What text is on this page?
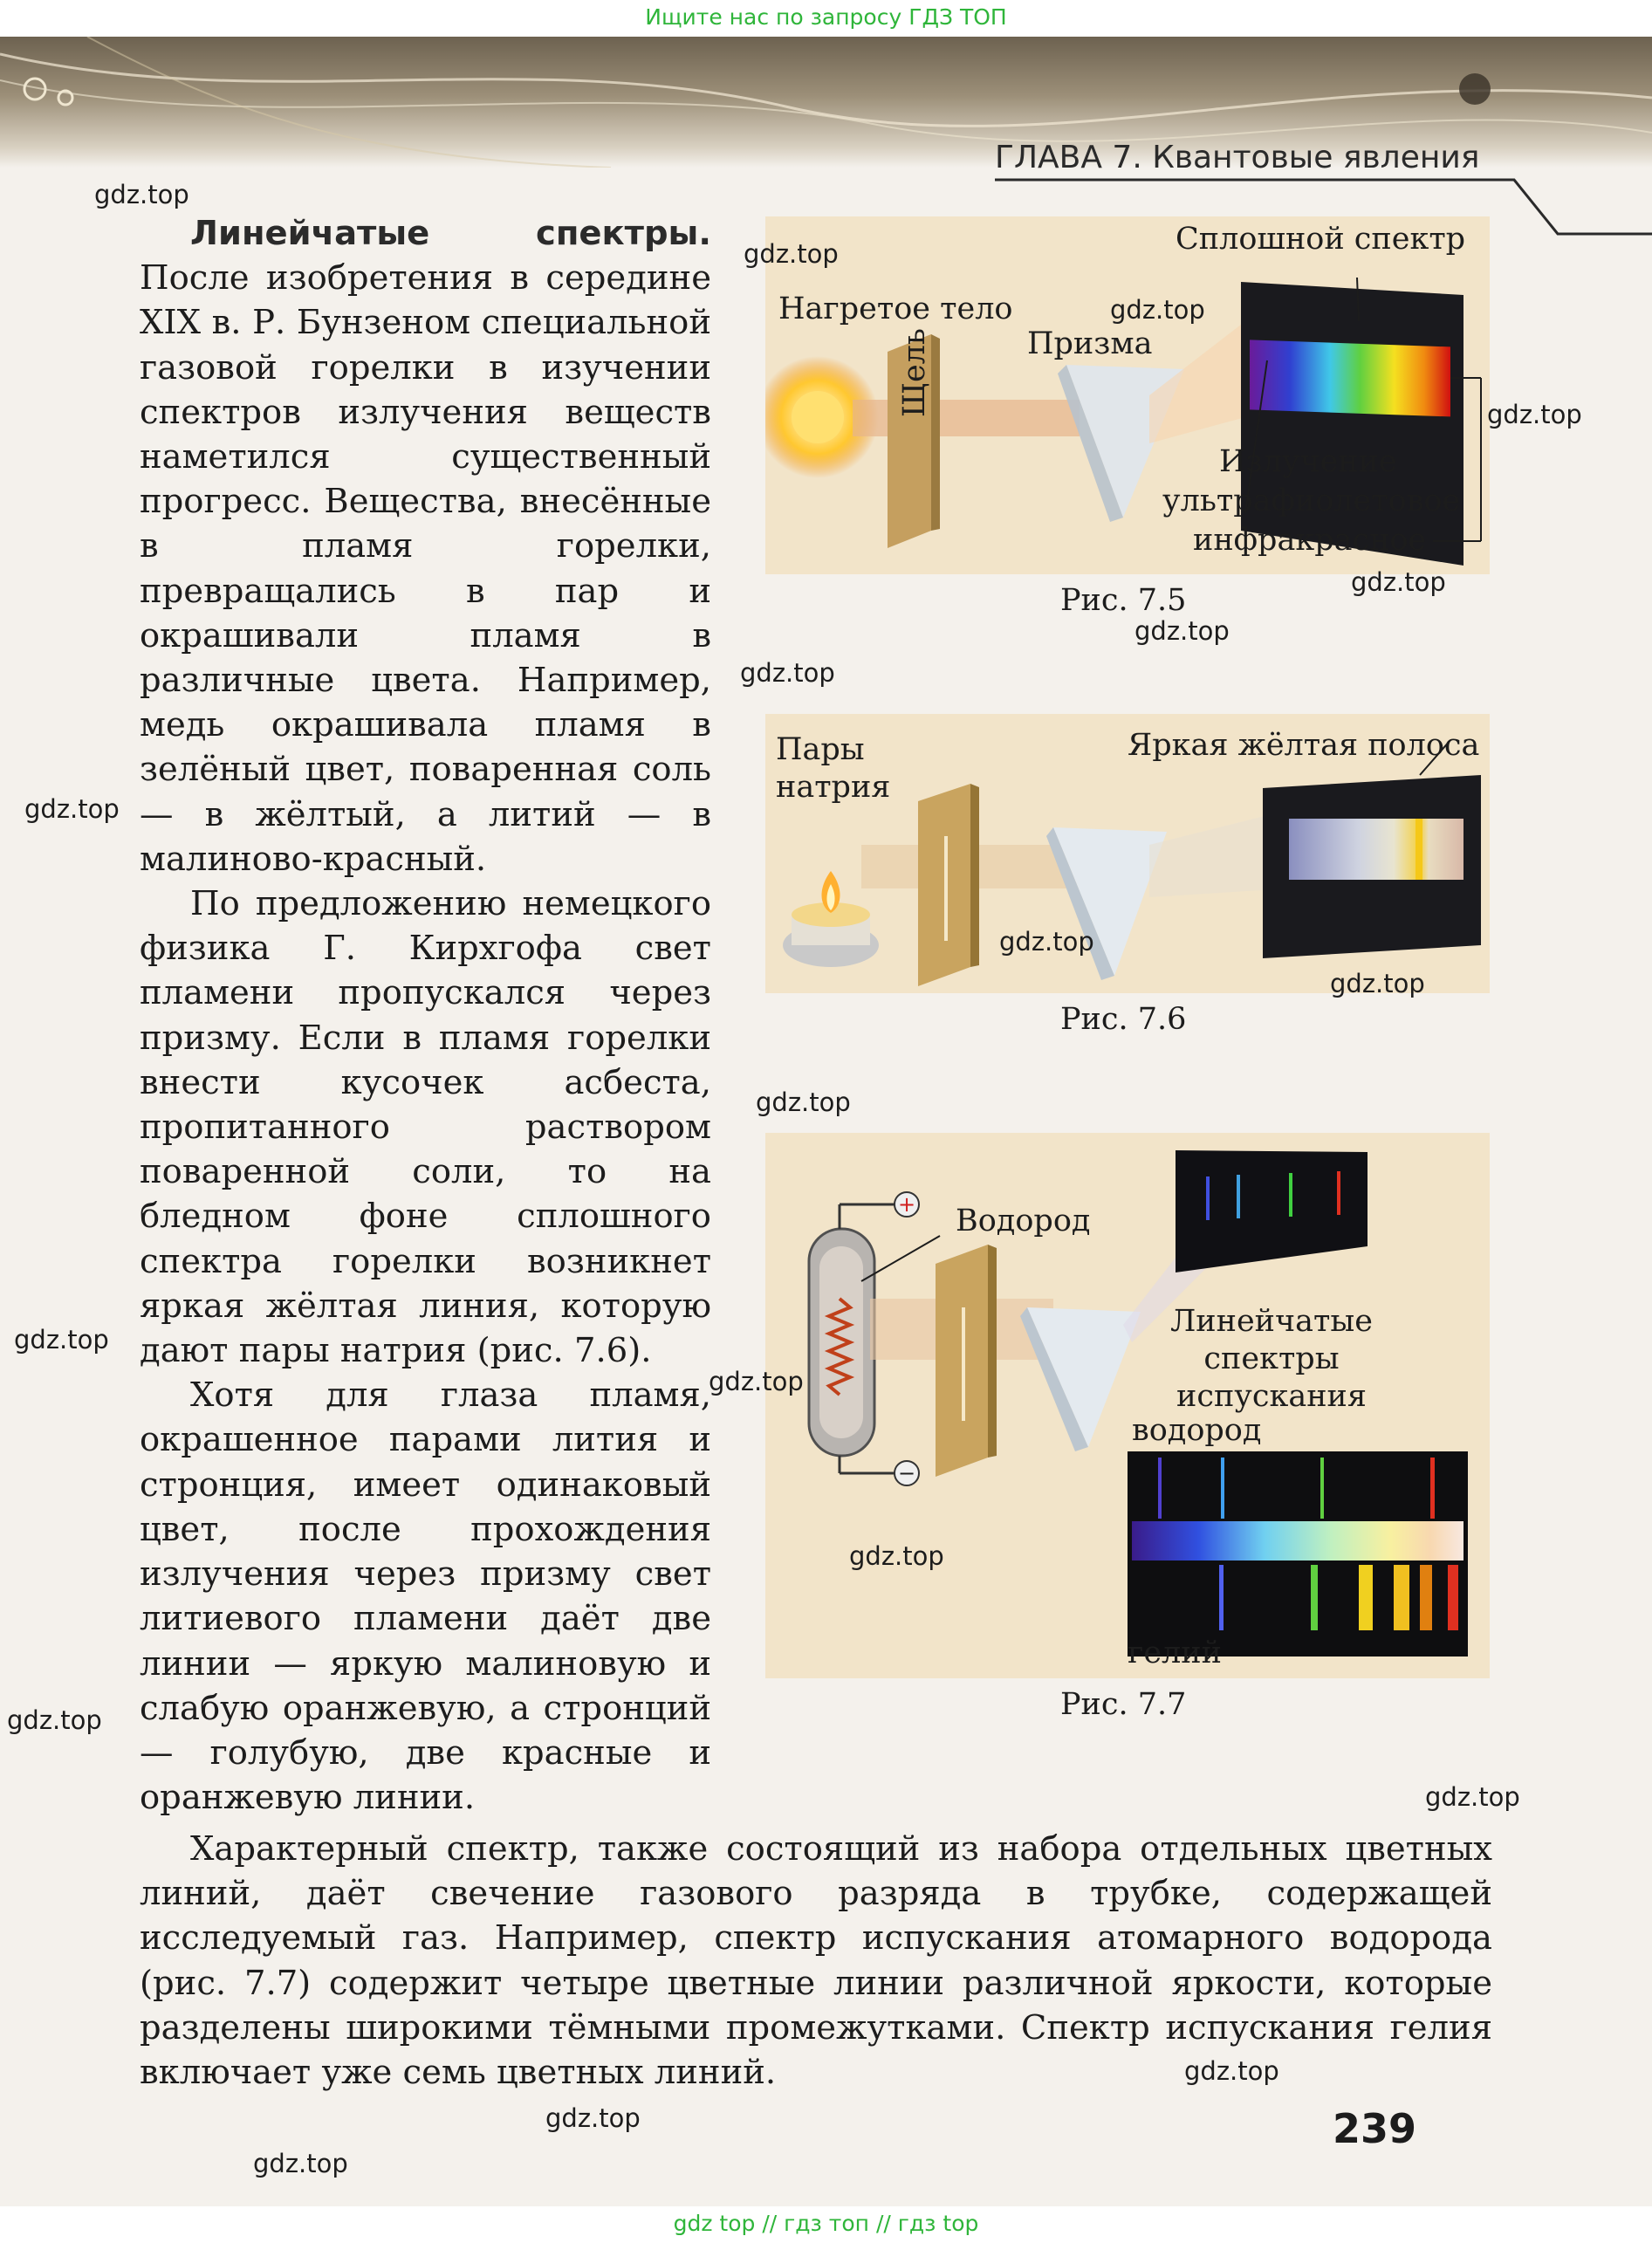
Ищите нас по запросу ГДЗ ТОП
ГЛАВА 7. Квантовые явления

Линейчатые спектры. После изобретения в середине XIX в. Р. Бунзеном специальной газовой горелки в изучении спектров излучения веществ наметился существенный прогресс. Вещества, внесённые в пламя горелки, превращались в пар и окрашивали пламя в различные цвета. Например, медь окрашивала пламя в зелёный цвет, поваренная соль — в жёлтый, а литий — в малиново-красный.

По предложению немецкого физика Г. Кирхгофа свет пламени пропускался через призму. Если в пламя горелки внести кусочек асбеста, пропитанного раствором поваренной соли, то на бледном фоне сплошного спектра горелки возникнет яркая жёлтая линия, которую дают пары натрия (рис. 7.6).

Хотя для глаза пламя, окрашенное парами лития и стронция, имеет одинаковый цвет, после прохождения излучения через призму свет литиевого пламени даёт две линии — яркую малиновую и слабую оранжевую, а стронций — голубую, две красные и оранжевую линии.

Характерный спектр, также состоящий из набора отдельных цветных линий, даёт свечение газового разряда в трубке, содержащей исследуемый газ. Например, спектр испускания атомарного водорода (рис. 7.7) содержит четыре цветные линии различной яркости, которые разделены широкими тёмными промежутками. Спектр испускания гелия включает уже семь цветных линий.

Нагретое тело
Щель	Призма
Сплошной спектр
Излучение
ультрафиолетовое
инфракрасное
Рис. 7.5
Пары натрия
Яркая жёлтая полоса
Рис. 7.6
+
−
Водород
Линейчатые спектры испускания
водород
гелий
Рис. 7.7
gdz.top
gdz.top
gdz.top
gdz.top
gdz.top
gdz.top
gdz.top
gdz.top
gdz.top
gdz.top
gdz.top
gdz.top
gdz.top
gdz.top
gdz.top
gdz.top
gdz.top
gdz.top
gdz.top
239
gdz top // гдз топ // гдз top
